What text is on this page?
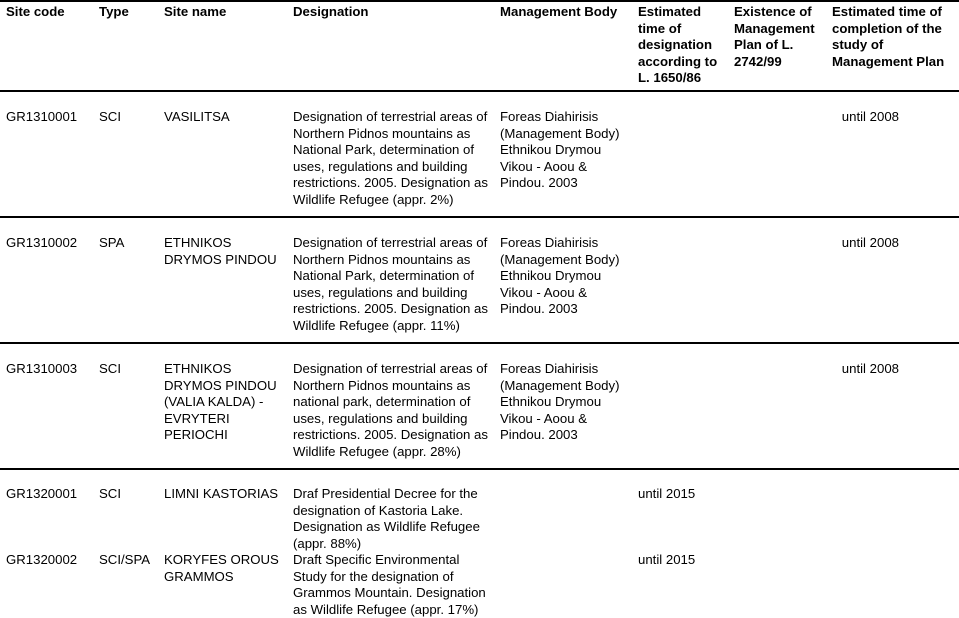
Site code	Type	Site name	Designation	Management Body	Estimated time of designation according to L. 1650/86	Existence of Management Plan of L. 2742/99	Estimated time of completion of the study of Management Plan

GR1310001	SCI	VASILITSA	Designation of terrestrial areas of Northern Pidnos mountains as National Park, determination of uses, regulations and building restrictions. 2005. Designation as Wildlife Refugee (appr. 2%)	Foreas Diahirisis (Management Body) Ethnikou Drymou Vikou - Aoou & Pindou. 2003			until 2008

GR1310002	SPA	ETHNIKOS DRYMOS PINDOU	Designation of terrestrial areas of Northern Pidnos mountains as National Park, determination of uses, regulations and building restrictions. 2005. Designation as Wildlife Refugee (appr. 11%)	Foreas Diahirisis (Management Body) Ethnikou Drymou Vikou - Aoou & Pindou. 2003			until 2008

GR1310003	SCI	ETHNIKOS DRYMOS PINDOU (VALIA KALDA) - EVRYTERI PERIOCHI	Designation of terrestrial areas of Northern Pidnos mountains as national park, determination of uses, regulations and building restrictions. 2005. Designation as Wildlife Refugee (appr. 28%)	Foreas Diahirisis (Management Body) Ethnikou Drymou Vikou - Aoou & Pindou. 2003			until 2008

GR1320001	SCI	LIMNI KASTORIAS	Draf Presidential Decree for the designation of Kastoria Lake. Designation as Wildlife Refugee (appr. 88%)		until 2015		
GR1320002	SCI/SPA	KORYFES OROUS GRAMMOS	Draft Specific Environmental Study for the designation of Grammos Mountain. Designation as Wildlife Refugee (appr. 17%)		until 2015		
